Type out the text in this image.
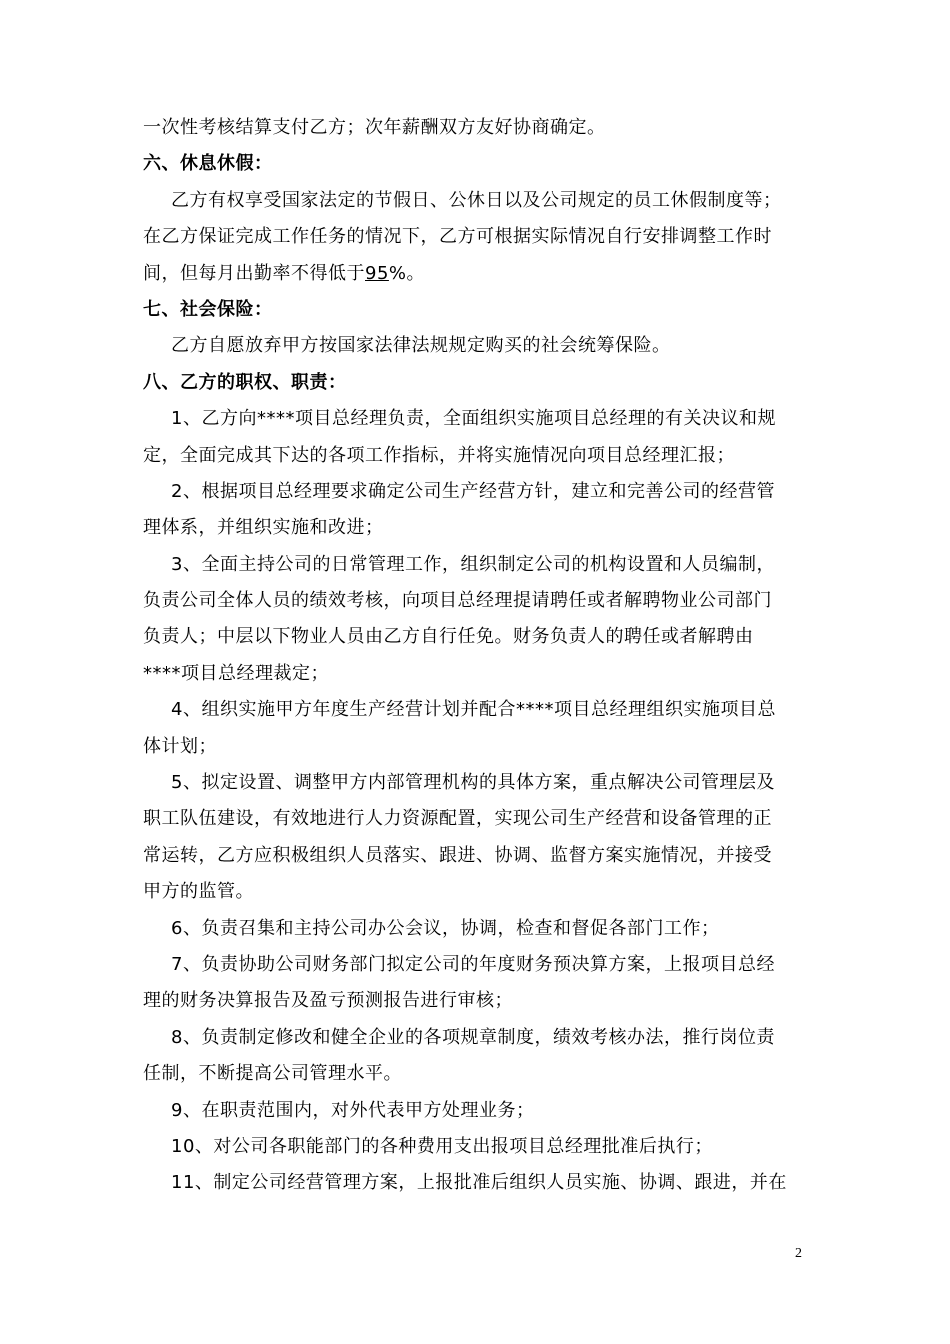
一次性考核结算支付乙方；次年薪酬双方友好协商确定。
六、休息休假：
乙方有权享受国家法定的节假日、公休日以及公司规定的员工休假制度等；
在乙方保证完成工作任务的情况下，乙方可根据实际情况自行安排调整工作时
间，但每月出勤率不得低于95%。
七、社会保险：
乙方自愿放弃甲方按国家法律法规规定购买的社会统筹保险。
八、乙方的职权、职责：
1、乙方向****项目总经理负责，全面组织实施项目总经理的有关决议和规
定，全面完成其下达的各项工作指标，并将实施情况向项目总经理汇报；
2、根据项目总经理要求确定公司生产经营方针，建立和完善公司的经营管
理体系，并组织实施和改进；
3、全面主持公司的日常管理工作，组织制定公司的机构设置和人员编制，
负责公司全体人员的绩效考核，向项目总经理提请聘任或者解聘物业公司部门
负责人；中层以下物业人员由乙方自行任免。财务负责人的聘任或者解聘由
****项目总经理裁定；
4、组织实施甲方年度生产经营计划并配合****项目总经理组织实施项目总
体计划；
5、拟定设置、调整甲方内部管理机构的具体方案，重点解决公司管理层及
职工队伍建设，有效地进行人力资源配置，实现公司生产经营和设备管理的正
常运转，乙方应积极组织人员落实、跟进、协调、监督方案实施情况，并接受
甲方的监管。
6、负责召集和主持公司办公会议，协调，检查和督促各部门工作；
7、负责协助公司财务部门拟定公司的年度财务预决算方案，上报项目总经
理的财务决算报告及盈亏预测报告进行审核；
8、负责制定修改和健全企业的各项规章制度，绩效考核办法，推行岗位责
任制，不断提高公司管理水平。
9、在职责范围内，对外代表甲方处理业务；
10、对公司各职能部门的各种费用支出报项目总经理批准后执行；
11、制定公司经营管理方案，上报批准后组织人员实施、协调、跟进，并在
2
